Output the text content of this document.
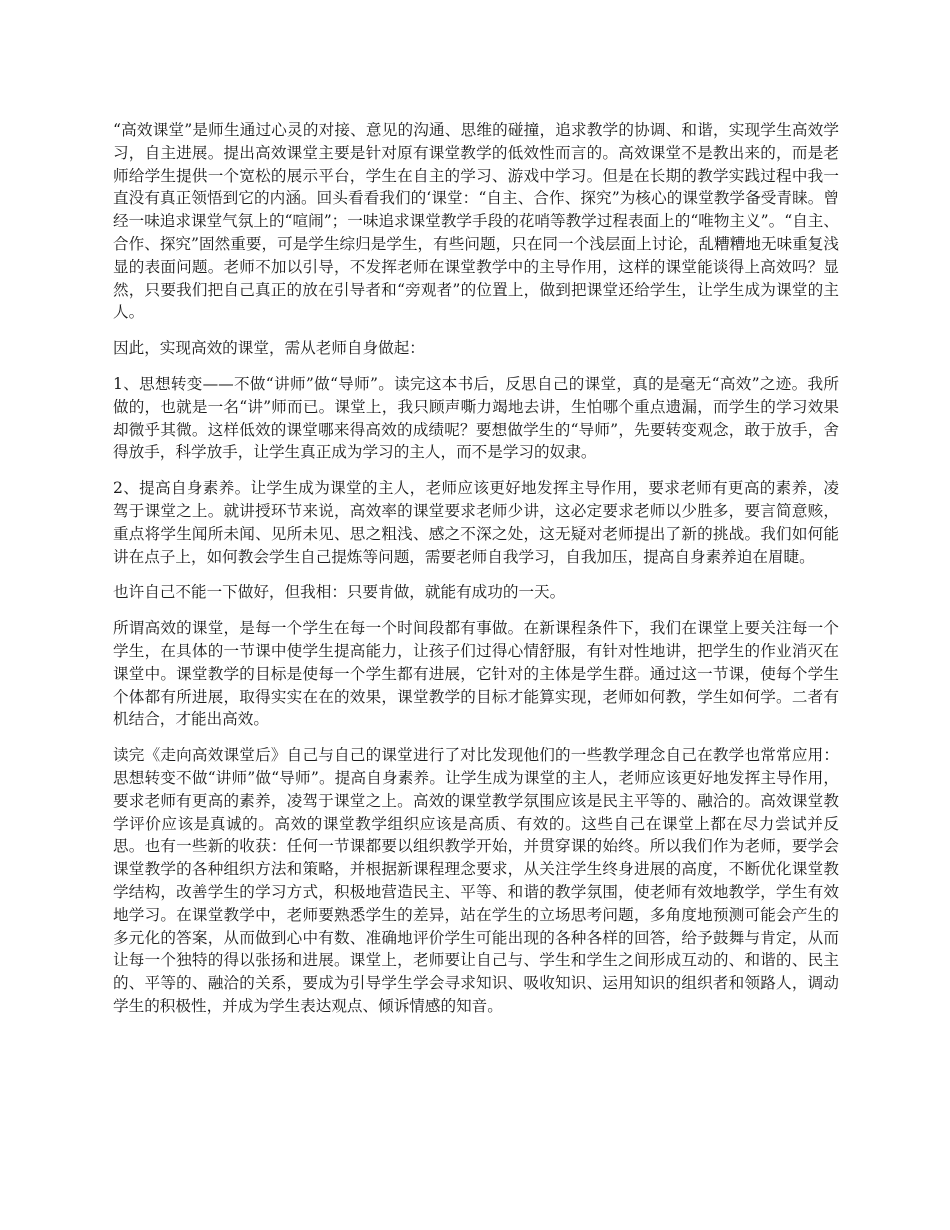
“高效课堂”是师生通过心灵的对接、意见的沟通、思维的碰撞，追求教学的协调、和谐，实现学生高效学习，自主进展。提出高效课堂主要是针对原有课堂教学的低效性而言的。高效课堂不是教出来的，而是老师给学生提供一个宽松的展示平台，学生在自主的学习、游戏中学习。但是在长期的教学实践过程中我一直没有真正领悟到它的内涵。回头看看我们的‘课堂：“自主、合作、探究”为核心的课堂教学备受青睐。曾经一味追求课堂气氛上的“喧闹”；一味追求课堂教学手段的花哨等教学过程表面上的“唯物主义”。“自主、合作、探究”固然重要，可是学生综归是学生，有些问题，只在同一个浅层面上讨论，乱糟糟地无味重复浅显的表面问题。老师不加以引导，不发挥老师在课堂教学中的主导作用，这样的课堂能谈得上高效吗？显然，只要我们把自己真正的放在引导者和“旁观者”的位置上，做到把课堂还给学生，让学生成为课堂的主人。

因此，实现高效的课堂，需从老师自身做起：

1、思想转变——不做“讲师”做“导师”。读完这本书后，反思自己的课堂，真的是毫无“高效”之迹。我所做的，也就是一名“讲”师而已。课堂上，我只顾声嘶力竭地去讲，生怕哪个重点遗漏，而学生的学习效果却微乎其微。这样低效的课堂哪来得高效的成绩呢？要想做学生的“导师”，先要转变观念，敢于放手，舍得放手，科学放手，让学生真正成为学习的主人，而不是学习的奴隶。

2、提高自身素养。让学生成为课堂的主人，老师应该更好地发挥主导作用，要求老师有更高的素养，凌驾于课堂之上。就讲授环节来说，高效率的课堂要求老师少讲，这必定要求老师以少胜多，要言简意赅，重点将学生闻所未闻、见所未见、思之粗浅、感之不深之处，这无疑对老师提出了新的挑战。我们如何能讲在点子上，如何教会学生自己提炼等问题，需要老师自我学习，自我加压，提高自身素养迫在眉睫。

也许自己不能一下做好，但我相：只要肯做，就能有成功的一天。

所谓高效的课堂，是每一个学生在每一个时间段都有事做。在新课程条件下，我们在课堂上要关注每一个学生，在具体的一节课中使学生提高能力，让孩子们过得心情舒服，有针对性地讲，把学生的作业消灭在课堂中。课堂教学的目标是使每一个学生都有进展，它针对的主体是学生群。通过这一节课，使每个学生个体都有所进展，取得实实在在的效果，课堂教学的目标才能算实现，老师如何教，学生如何学。二者有机结合，才能出高效。

读完《走向高效课堂后》自己与自己的课堂进行了对比发现他们的一些教学理念自己在教学也常常应用：思想转变不做“讲师”做“导师”。提高自身素养。让学生成为课堂的主人，老师应该更好地发挥主导作用，要求老师有更高的素养，凌驾于课堂之上。高效的课堂教学氛围应该是民主平等的、融洽的。高效课堂教学评价应该是真诚的。高效的课堂教学组织应该是高质、有效的。这些自己在课堂上都在尽力尝试并反思。也有一些新的收获：任何一节课都要以组织教学开始，并贯穿课的始终。所以我们作为老师，要学会课堂教学的各种组织方法和策略，并根据新课程理念要求，从关注学生终身进展的高度，不断优化课堂教学结构，改善学生的学习方式，积极地营造民主、平等、和谐的教学氛围，使老师有效地教学，学生有效地学习。在课堂教学中，老师要熟悉学生的差异，站在学生的立场思考问题，多角度地预测可能会产生的多元化的答案，从而做到心中有数、准确地评价学生可能出现的各种各样的回答，给予鼓舞与肯定，从而让每一个独特的得以张扬和进展。课堂上，老师要让自己与、学生和学生之间形成互动的、和谐的、民主的、平等的、融洽的关系，要成为引导学生学会寻求知识、吸收知识、运用知识的组织者和领路人，调动学生的积极性，并成为学生表达观点、倾诉情感的知音。
